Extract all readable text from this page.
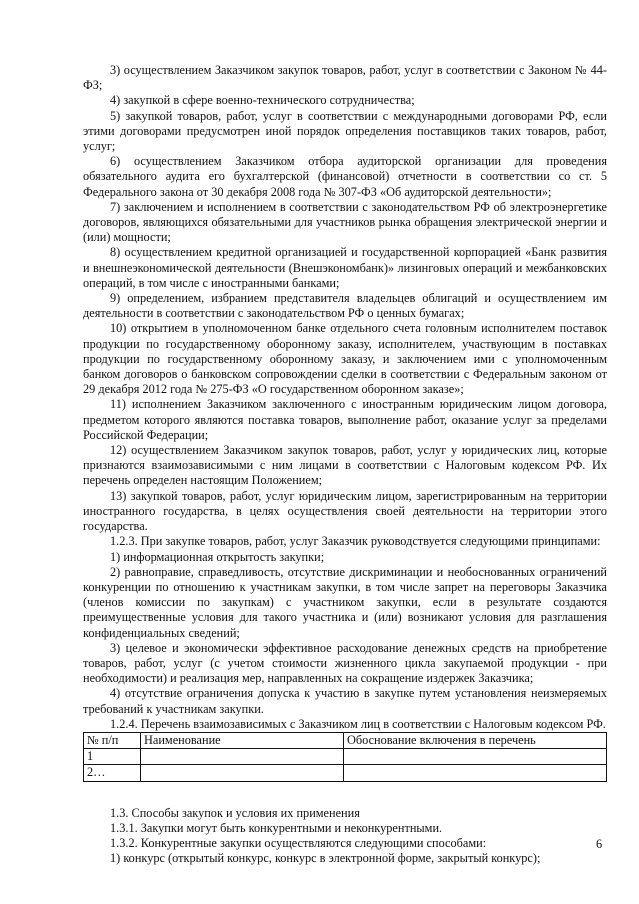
3) осуществлением Заказчиком закупок товаров, работ, услуг в соответствии с Законом № 44-ФЗ;

4) закупкой в сфере военно-технического сотрудничества;

5) закупкой товаров, работ, услуг в соответствии с международными договорами РФ, если этими договорами предусмотрен иной порядок определения поставщиков таких товаров, работ, услуг;

6) осуществлением Заказчиком отбора аудиторской организации для проведения обязательного аудита его бухгалтерской (финансовой) отчетности в соответствии со ст. 5 Федерального закона от 30 декабря 2008 года № 307-ФЗ «Об аудиторской деятельности»;

7) заключением и исполнением в соответствии с законодательством РФ об электроэнергетике договоров, являющихся обязательными для участников рынка обращения электрической энергии и (или) мощности;

8) осуществлением кредитной организацией и государственной корпорацией «Банк развития и внешнеэкономической деятельности (Внешэкономбанк)» лизинговых операций и межбанковских операций, в том числе с иностранными банками;

9) определением, избранием представителя владельцев облигаций и осуществлением им деятельности в соответствии с законодательством РФ о ценных бумагах;

10) открытием в уполномоченном банке отдельного счета головным исполнителем поставок продукции по государственному оборонному заказу, исполнителем, участвующим в поставках продукции по государственному оборонному заказу, и заключением ими с уполномоченным банком договоров о банковском сопровождении сделки в соответствии с Федеральным законом от 29 декабря 2012 года № 275-ФЗ «О государственном оборонном заказе»;

11) исполнением Заказчиком заключенного с иностранным юридическим лицом договора, предметом которого являются поставка товаров, выполнение работ, оказание услуг за пределами Российской Федерации;

12) осуществлением Заказчиком закупок товаров, работ, услуг у юридических лиц, которые признаются взаимозависимыми с ним лицами в соответствии с Налоговым кодексом РФ. Их перечень определен настоящим Положением;

13) закупкой товаров, работ, услуг юридическим лицом, зарегистрированным на территории иностранного государства, в целях осуществления своей деятельности на территории этого государства.

1.2.3. При закупке товаров, работ, услуг Заказчик руководствуется следующими принципами:

1) информационная открытость закупки;

2) равноправие, справедливость, отсутствие дискриминации и необоснованных ограничений конкуренции по отношению к участникам закупки, в том числе запрет на переговоры Заказчика (членов комиссии по закупкам) с участником закупки, если в результате создаются преимущественные условия для такого участника и (или) возникают условия для разглашения конфиденциальных сведений;

3) целевое и экономически эффективное расходование денежных средств на приобретение товаров, работ, услуг (с учетом стоимости жизненного цикла закупаемой продукции - при необходимости) и реализация мер, направленных на сокращение издержек Заказчика;

4) отсутствие ограничения допуска к участию в закупке путем установления неизмеряемых требований к участникам закупки.

1.2.4. Перечень взаимозависимых с Заказчиком лиц в соответствии с Налоговым кодексом РФ.

№ п/п	Наименование	Обоснование включения в перечень
1		
2…		

1.3. Способы закупок и условия их применения

1.3.1. Закупки могут быть конкурентными и неконкурентными.

1.3.2. Конкурентные закупки осуществляются следующими способами:

1) конкурс (открытый конкурс, конкурс в электронной форме, закрытый конкурс);

6
